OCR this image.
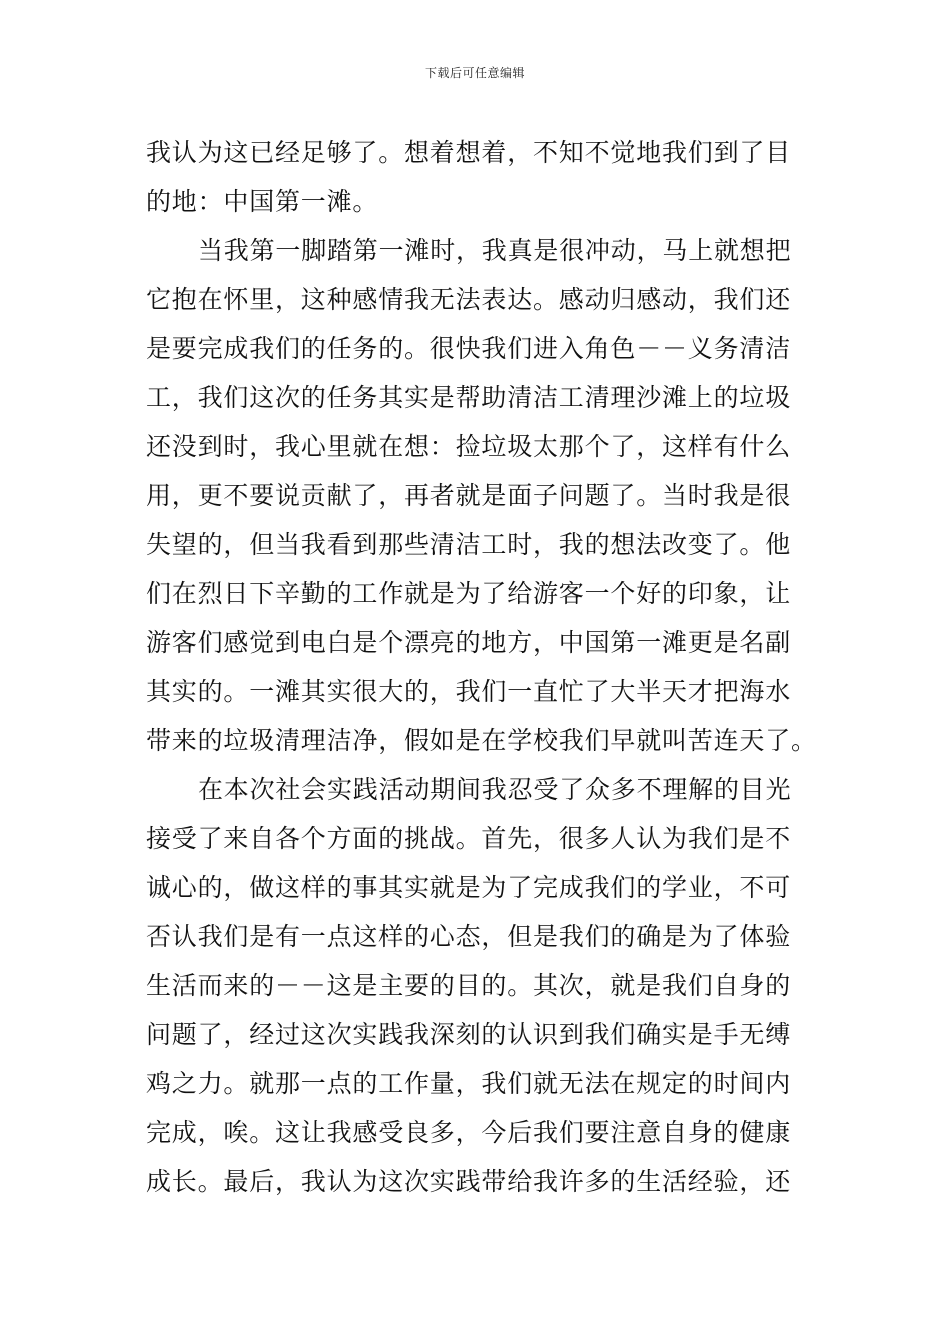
下载后可任意编辑
我认为这已经足够了。想着想着，不知不觉地我们到了目
的地：中国第一滩。
当我第一脚踏第一滩时，我真是很冲动，马上就想把
它抱在怀里，这种感情我无法表达。感动归感动，我们还
是要完成我们的任务的。很快我们进入角色－－义务清洁
工，我们这次的任务其实是帮助清洁工清理沙滩上的垃圾
还没到时，我心里就在想：捡垃圾太那个了，这样有什么
用，更不要说贡献了，再者就是面子问题了。当时我是很
失望的，但当我看到那些清洁工时，我的想法改变了。他
们在烈日下辛勤的工作就是为了给游客一个好的印象，让
游客们感觉到电白是个漂亮的地方，中国第一滩更是名副
其实的。一滩其实很大的，我们一直忙了大半天才把海水
带来的垃圾清理洁净，假如是在学校我们早就叫苦连天了。
在本次社会实践活动期间我忍受了众多不理解的目光
接受了来自各个方面的挑战。首先，很多人认为我们是不
诚心的，做这样的事其实就是为了完成我们的学业，不可
否认我们是有一点这样的心态，但是我们的确是为了体验
生活而来的－－这是主要的目的。其次，就是我们自身的
问题了，经过这次实践我深刻的认识到我们确实是手无缚
鸡之力。就那一点的工作量，我们就无法在规定的时间内
完成，唉。这让我感受良多，今后我们要注意自身的健康
成长。最后，我认为这次实践带给我许多的生活经验，还
